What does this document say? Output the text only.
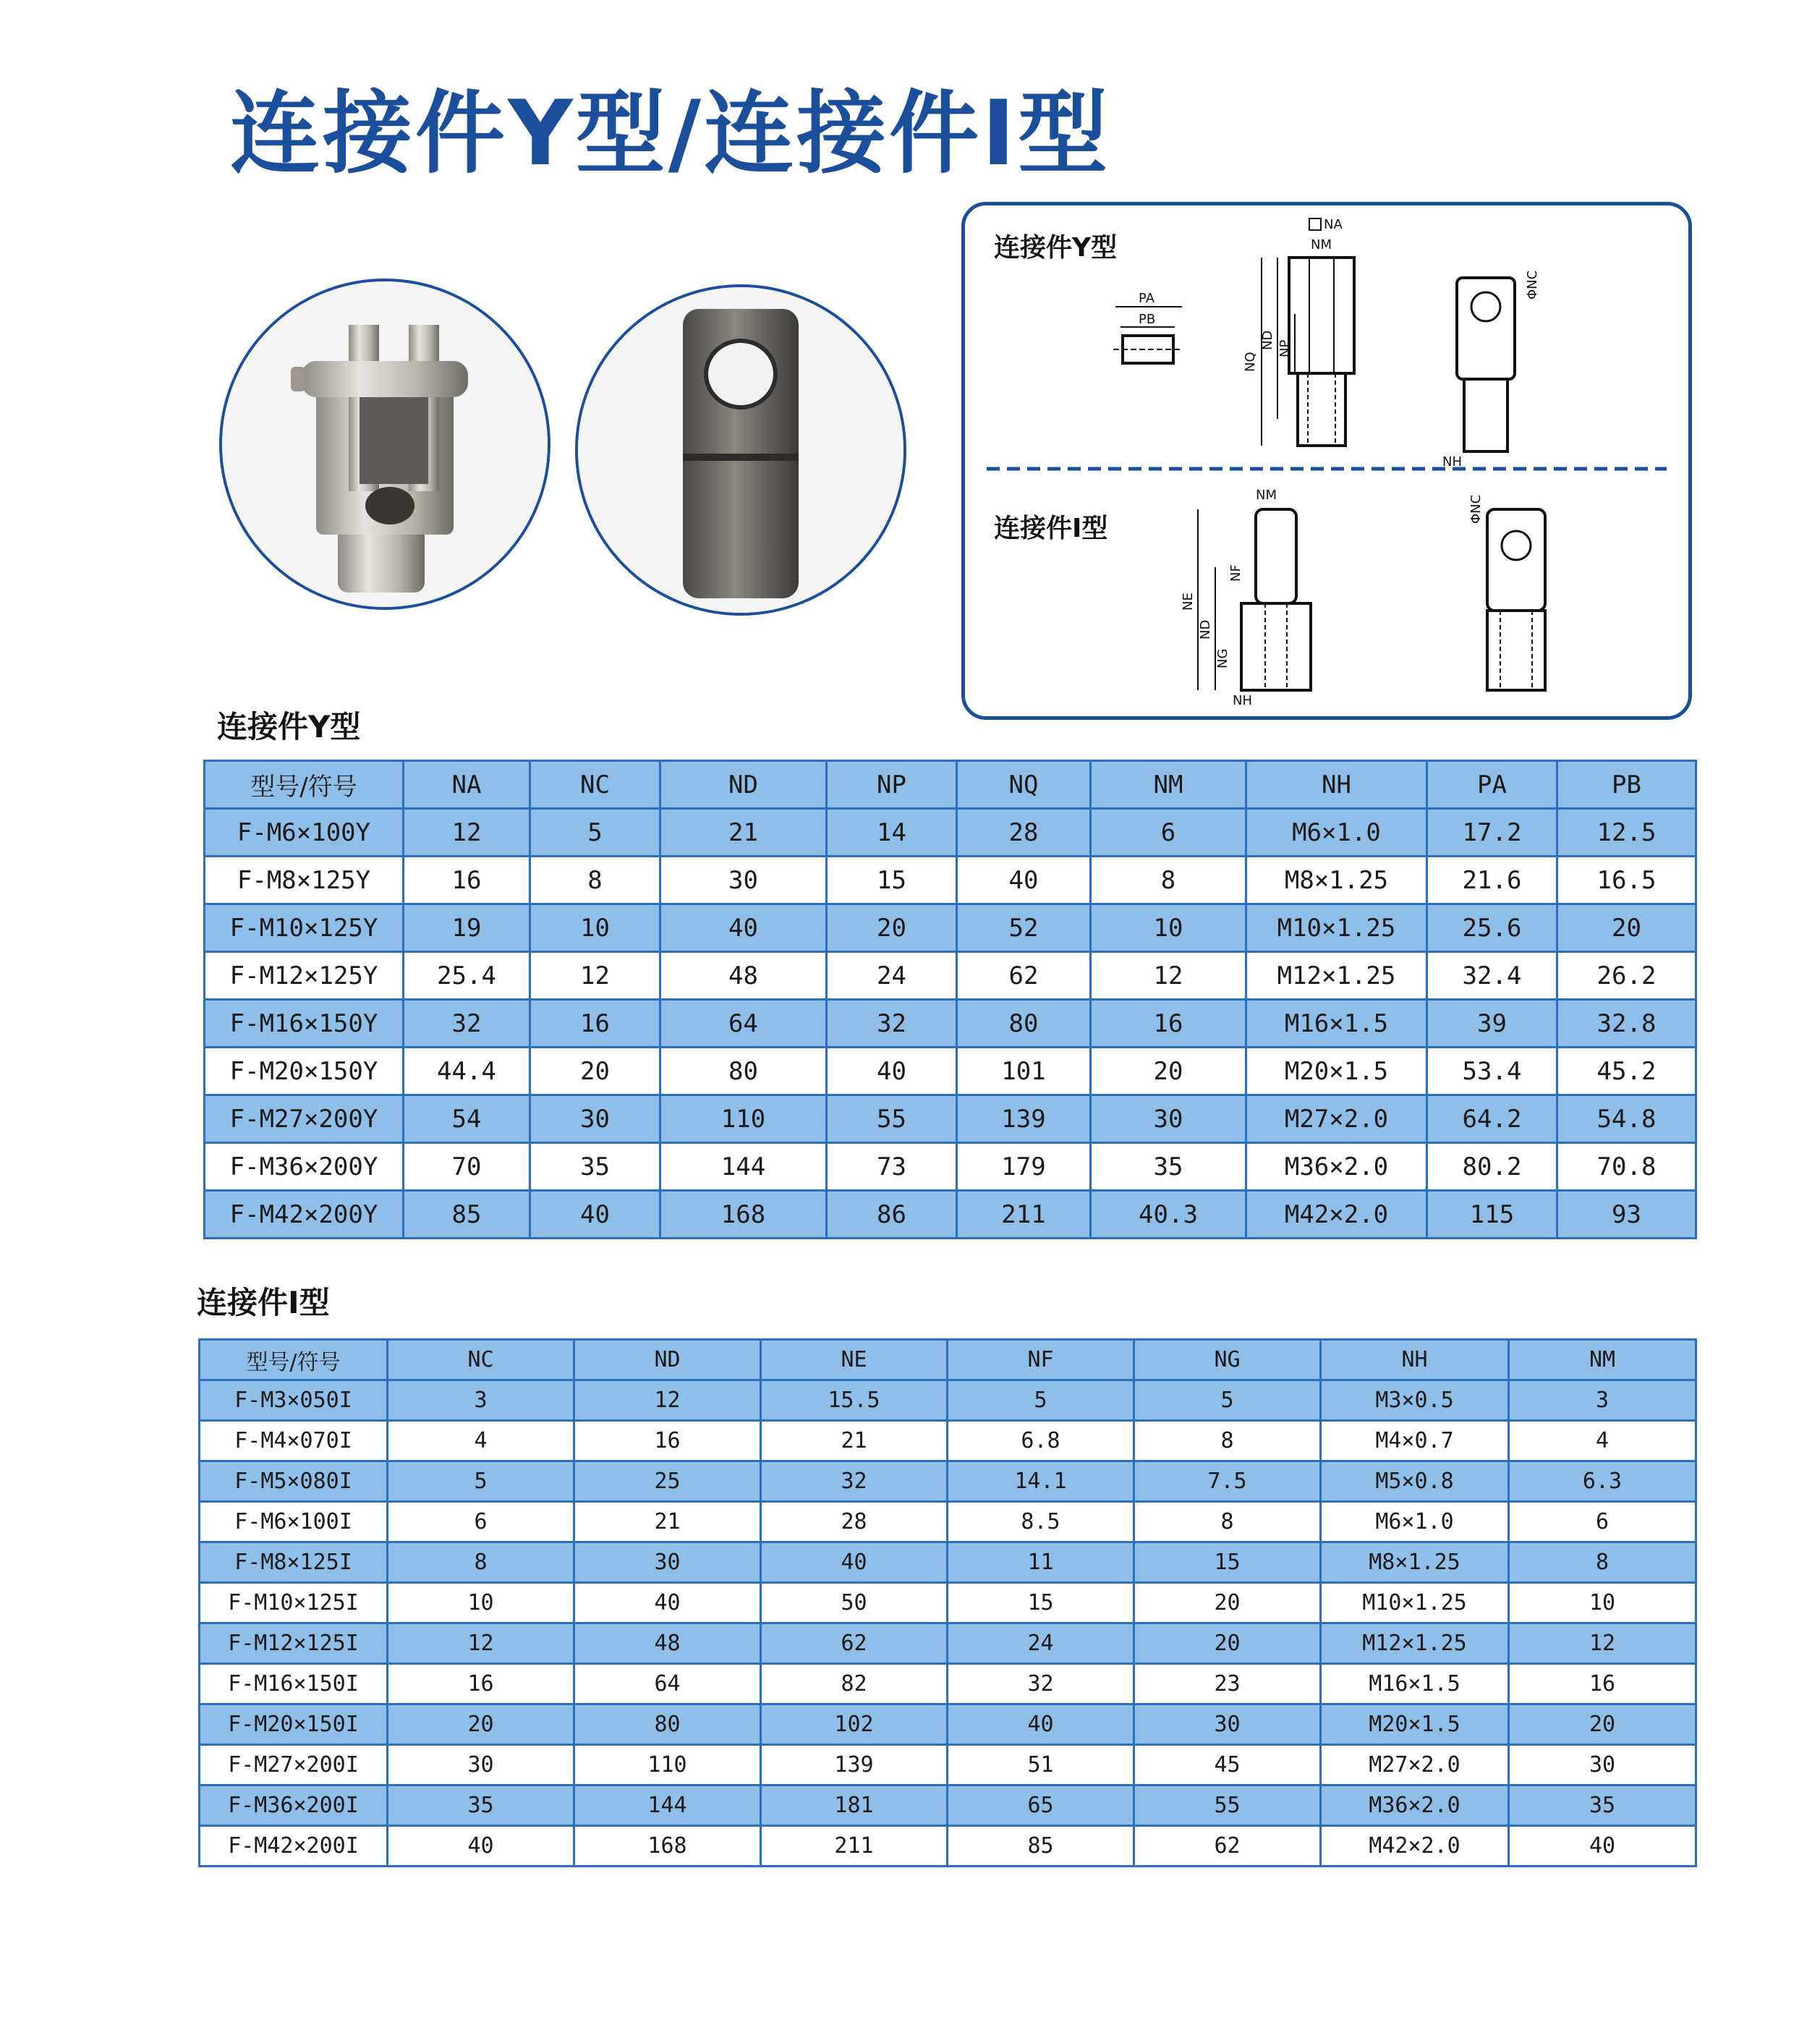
连接件Y型/连接件I型
连接件Y型
连接件I型
PA
PB
NA
NM
NQ
ND NP
ΦNC
NH
NM
NF
NE
ND
NG
NH
ΦNC
连接件Y型
型号/符号	NA	NC	ND	NP	NQ	NM	NH	PA	PB
F-M6×100Y	12	5	21	14	28	6	M6×1.0	17.2	12.5
F-M8×125Y	16	8	30	15	40	8	M8×1.25	21.6	16.5
F-M10×125Y	19	10	40	20	52	10	M10×1.25	25.6	20
F-M12×125Y	25.4	12	48	24	62	12	M12×1.25	32.4	26.2
F-M16×150Y	32	16	64	32	80	16	M16×1.5	39	32.8
F-M20×150Y	44.4	20	80	40	101	20	M20×1.5	53.4	45.2
F-M27×200Y	54	30	110	55	139	30	M27×2.0	64.2	54.8
F-M36×200Y	70	35	144	73	179	35	M36×2.0	80.2	70.8
F-M42×200Y	85	40	168	86	211	40.3	M42×2.0	115	93
连接件I型
型号/符号	NC	ND	NE	NF	NG	NH	NM
F-M3×050I	3	12	15.5	5	5	M3×0.5	3
F-M4×070I	4	16	21	6.8	8	M4×0.7	4
F-M5×080I	5	25	32	14.1	7.5	M5×0.8	6.3
F-M6×100I	6	21	28	8.5	8	M6×1.0	6
F-M8×125I	8	30	40	11	15	M8×1.25	8
F-M10×125I	10	40	50	15	20	M10×1.25	10
F-M12×125I	12	48	62	24	20	M12×1.25	12
F-M16×150I	16	64	82	32	23	M16×1.5	16
F-M20×150I	20	80	102	40	30	M20×1.5	20
F-M27×200I	30	110	139	51	45	M27×2.0	30
F-M36×200I	35	144	181	65	55	M36×2.0	35
F-M42×200I	40	168	211	85	62	M42×2.0	40
